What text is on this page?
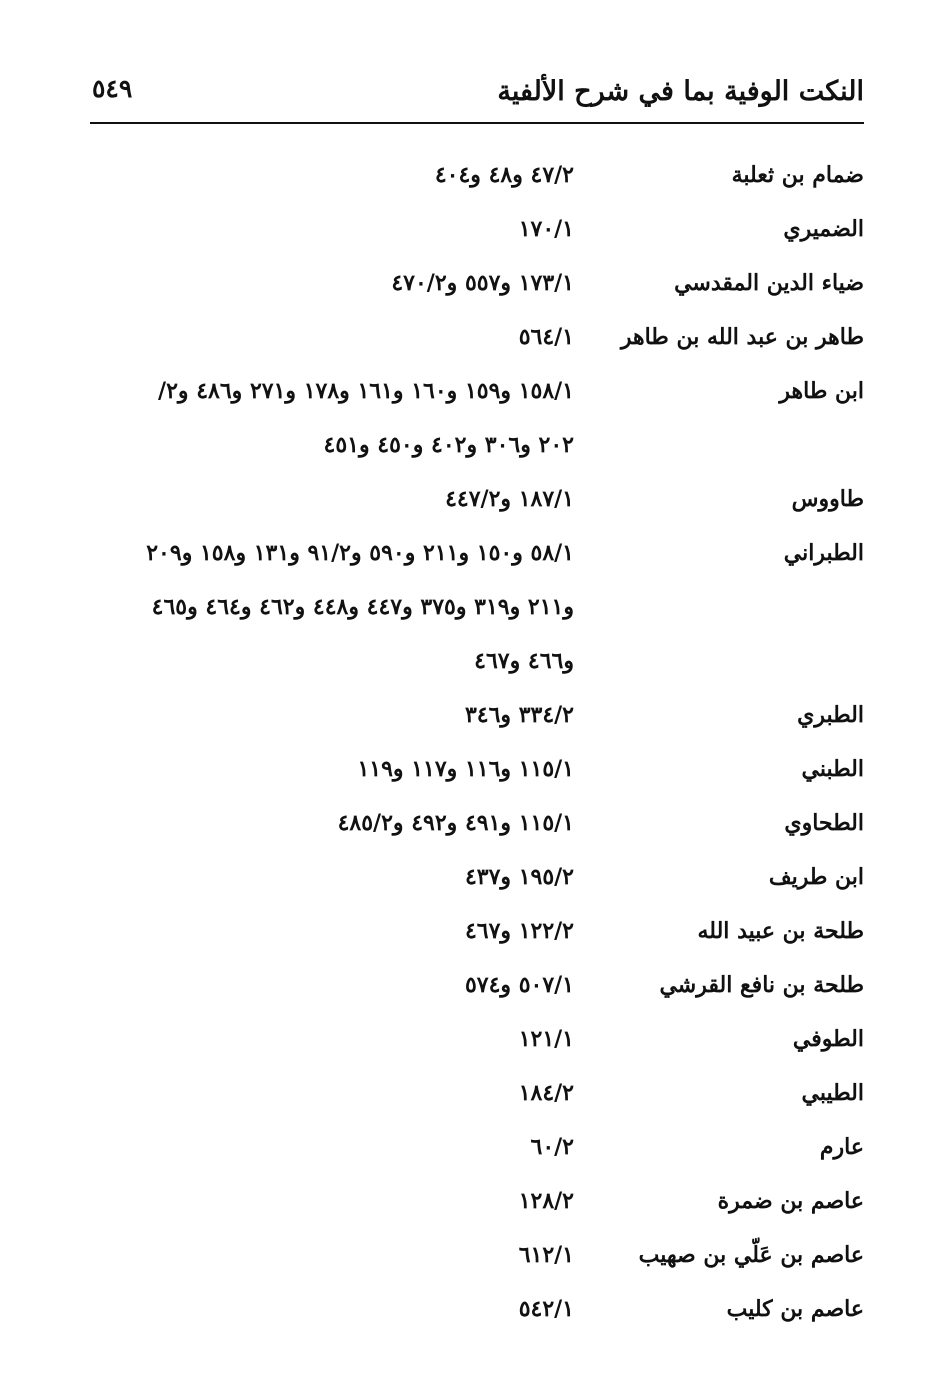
النكت الوفية بما في شرح الألفية
٥٤٩
ضمام بن ثعلبة
٤٧/٢ و٤٨ و٤٠٤
الضميري
١٧٠/١
ضياء الدين المقدسي
١٧٣/١ و٥٥٧ و٤٧٠/٢
طاهر بن عبد الله بن طاهر
٥٦٤/١
ابن طاهر
١٥٨/١ و١٥٩ و١٦٠ و١٦١ و١٧٨ و٢٧١ و٤٨٦ و٢/
٢٠٢ و٣٠٦ و٤٠٢ و٤٥٠ و٤٥١
طاووس
١٨٧/١ و٤٤٧/٢
الطبراني
٥٨/١ و١٥٠ و٢١١ و٥٩٠ و٩١/٢ و١٣١ و١٥٨ و٢٠٩
و٢١١ و٣١٩ و٣٧٥ و٤٤٧ و٤٤٨ و٤٦٢ و٤٦٤ و٤٦٥
و٤٦٦ و٤٦٧
الطبري
٣٣٤/٢ و٣٤٦
الطبني
١١٥/١ و١١٦ و١١٧ و١١٩
الطحاوي
١١٥/١ و٤٩١ و٤٩٢ و٤٨٥/٢
ابن طريف
١٩٥/٢ و٤٣٧
طلحة بن عبيد الله
١٢٢/٢ و٤٦٧
طلحة بن نافع القرشي
٥٠٧/١ و٥٧٤
الطوفي
١٢١/١
الطيبي
١٨٤/٢
عارم
٦٠/٢
عاصم بن ضمرة
١٢٨/٢
عاصم بن عَلّي بن صهيب
٦١٢/١
عاصم بن كليب
٥٤٢/١
